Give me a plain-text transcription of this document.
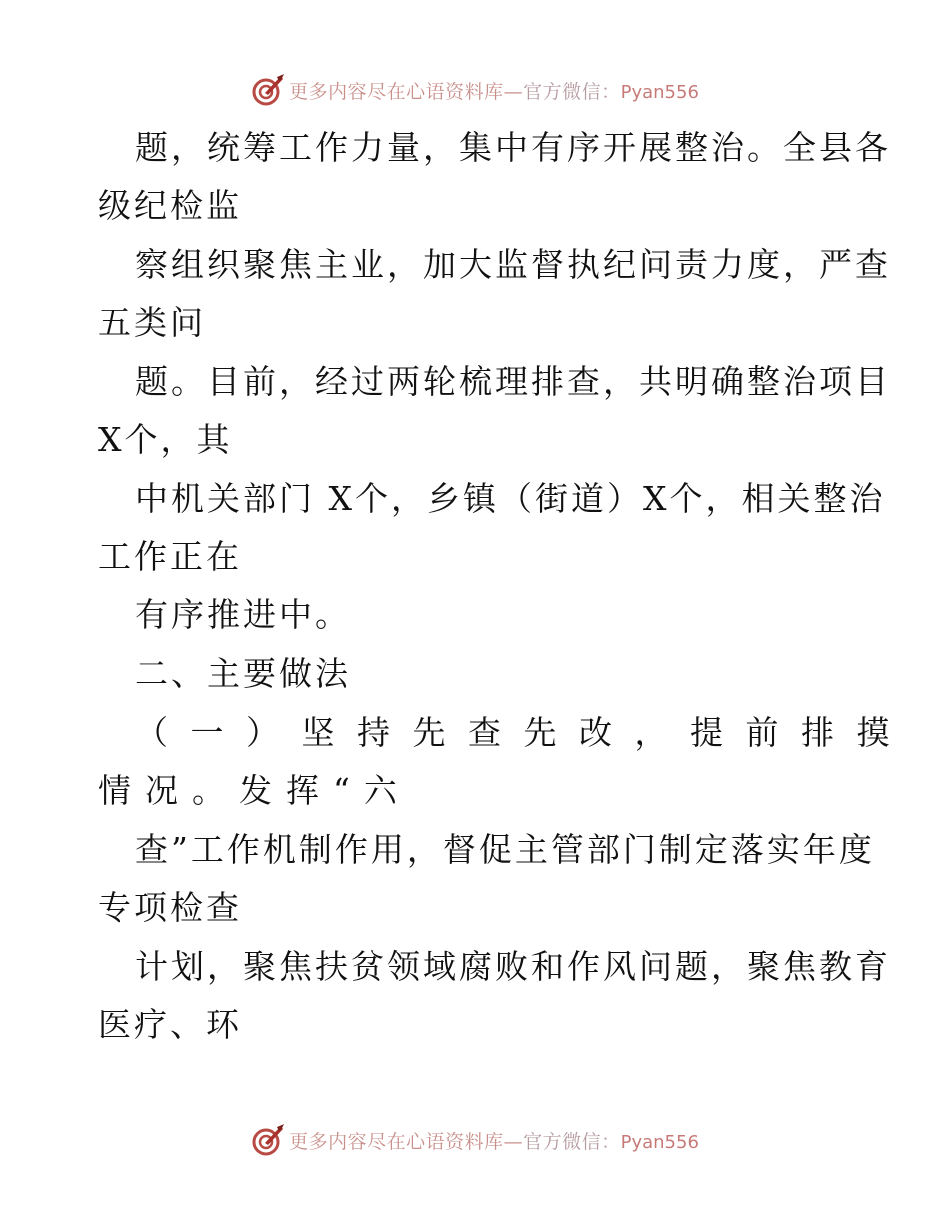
更多内容尽在心语资料库—官方微信：Pyan556
题，统筹工作力量，集中有序开展整治。全县各
级纪检监
察组织聚焦主业，加大监督执纪问责力度，严查
五类问
题。目前，经过两轮梳理排查，共明确整治项目
X个，其
中机关部门 X个，乡镇（街道）X个，相关整治
工作正在
有序推进中。
二、主要做法
（一）坚持先查先改，提前排摸
情况。发挥“六
查”工作机制作用，督促主管部门制定落实年度
专项检查
计划，聚焦扶贫领域腐败和作风问题，聚焦教育
医疗、环
更多内容尽在心语资料库—官方微信：Pyan556
